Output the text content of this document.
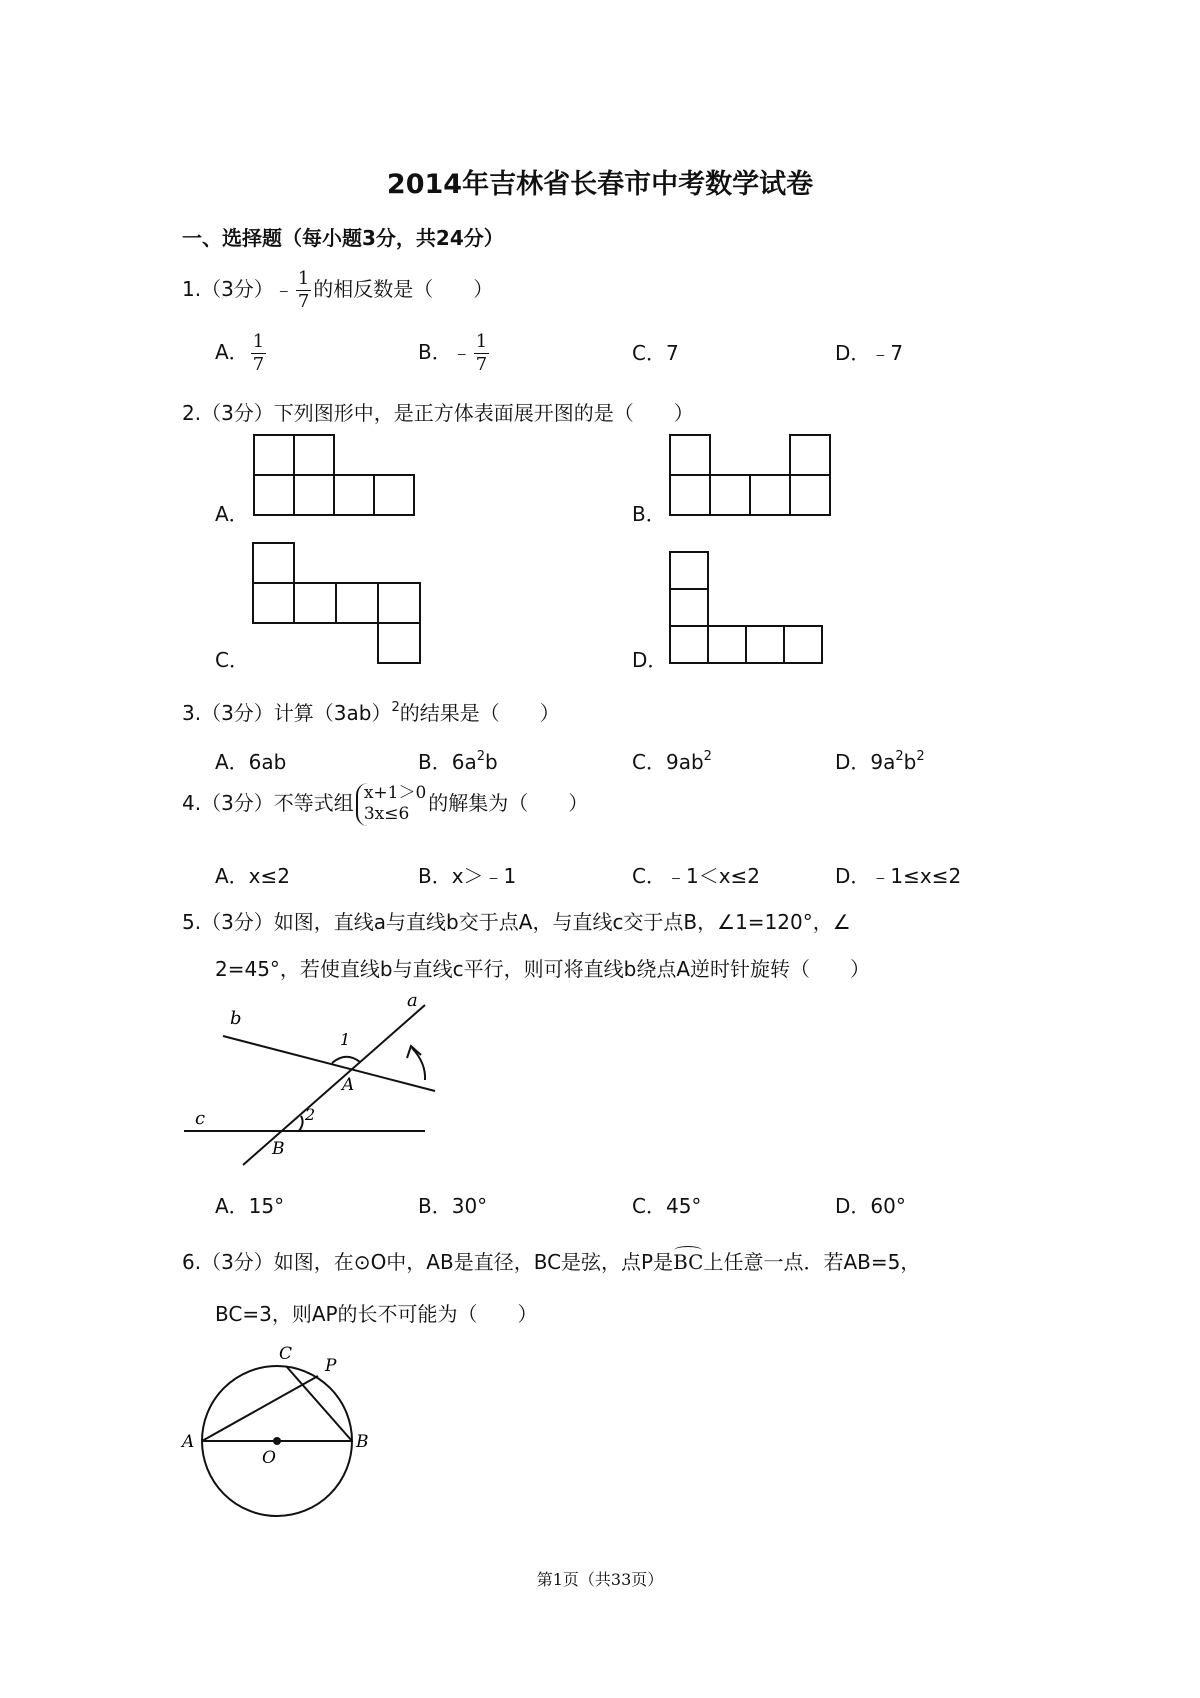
2014年吉林省长春市中考数学试卷
一、选择题（每小题3分，共24分）
1.（3分）﹣ $\frac{1}{7}$ 的相反数是（　　）
A． $\frac{1}{7}$	B．﹣ $\frac{1}{7}$	C．7	D．﹣7
2.（3分）下列图形中，是正方体表面展开图的是（　　）
A．	B．
C．	D．
3.（3分）计算$(3ab)^2$的结果是（　　）
A．6ab	B．$6a^2b$	C．$9ab^2$	D．$9a^2b^2$
4.（3分）不等式组 x+1＞0
3x≤6 的解集为（　　）
A．x≤2	B．x＞﹣1	C．﹣1＜x≤2	D．﹣1≤x≤2
5.（3分）如图，直线a与直线b交于点A，与直线c交于点B，∠1=120°，∠
2=45°，若使直线b与直线c平行，则可将直线b绕点A逆时针旋转（　　）
a
b
c
A
B
1
2
A．15°	B．30°	C．45°	D．60°
6.（3分）如图，在⊙O中，AB是直径，BC是弦，点P是BC上任意一点．若AB=5，
BC=3，则AP的长不可能为（　　）
A	B
C
O
P
第1页（共33页）
